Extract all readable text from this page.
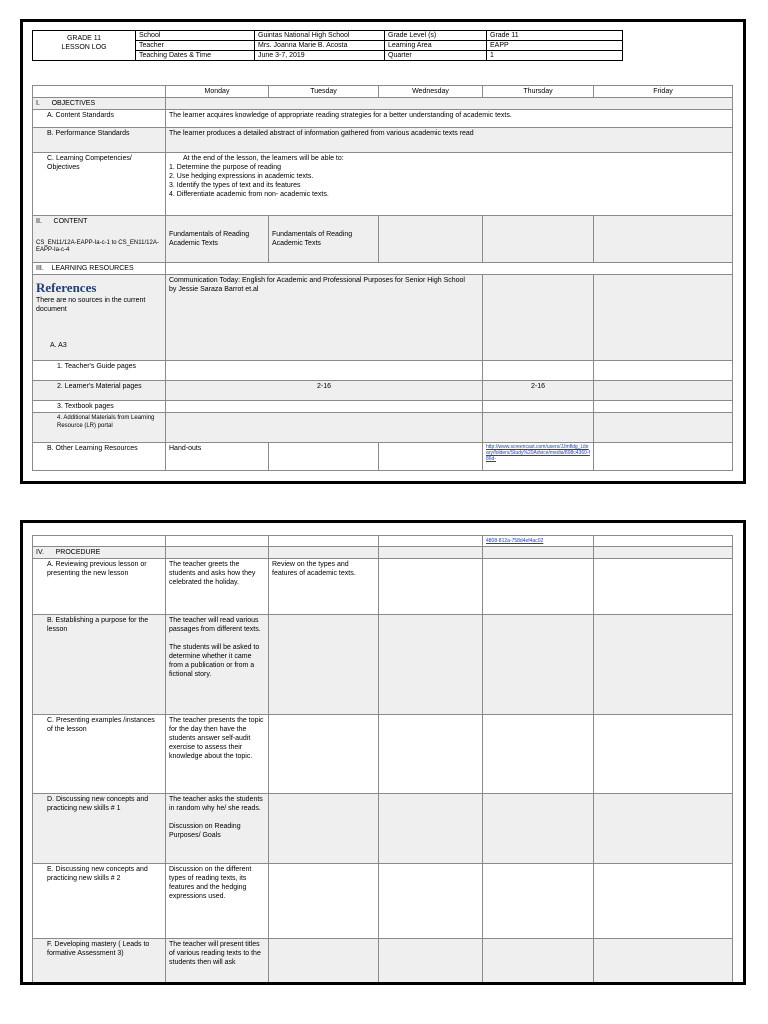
GRADE 11
LESSON LOG	School	Guintas National High School	Grade Level (s)	Grade 11
	Teacher	Mrs. Joanna Marie B. Acosta	Learning Area	EAPP
	Teaching Dates & Time	June 3-7, 2019	Quarter	1
	Monday	Tuesday	Wednesday	Thursday	Friday
I. OBJECTIVES					
A. Content Standards	The learner acquires knowledge of appropriate reading strategies for a better understanding of academic texts.				
B. Performance Standards	The learner produces a detailed abstract of information gathered from various academic texts read				
C. Learning Competencies/ Objectives	At the end of the lesson, the learners will be able to:
1. Determine the purpose of reading
2. Use hedging expressions in academic texts.
3. Identify the types of text and its features
4. Differentiate academic from non- academic texts.				

II. CONTENT
CS_EN11/12A-EAPP-Ia-c-1 to CS_EN11/12A-EAPP-Ia-c-4	Fundamentals of Reading Academic Texts	Fundamentals of Reading Academic Texts			
III. LEARNING RESOURCES					

References
There are no sources in the current document
A. A3	Communication Today: English for Academic and Professional Purposes for Senior High School by Jessie Saraza Barrot et.al				

1. Teacher's Guide pages					
2. Learner's Material pages	2-16			2-16	
3. Textbook pages					
4. Additional Materials from Learning Resource (LR) portal					
B. Other Learning Resources	Hand-outs			http://www.screencast.com/users/JJmfldg_Library/folders/Study%20Advice/media/898c4360-f86d-	

				4808-812a-758d4ef4ac02	
IV. PROCEDURE					
A. Reviewing previous lesson or presenting the new lesson	The teacher greets the students and asks how they celebrated the holiday.	Review on the types and features of academic texts.			
B. Establishing a purpose for the lesson	The teacher will read various passages from different texts.

The students will be asked to determine whether it came from a publication or from a fictional story.				
C. Presenting examples /instances of the lesson	The teacher presents the topic for the day then have the students answer self-audit exercise to assess their knowledge about the topic.				
D. Discussing new concepts and practicing new skills # 1	The teacher asks the students in random why he/ she reads.

Discussion on Reading Purposes/ Goals				
E. Discussing new concepts and practicing new skills # 2	Discussion on the different types of reading texts, its features and the hedging expressions used.				
F. Developing mastery ( Leads to formative Assessment 3)	The teacher will present titles of various reading texts to the students then will ask				
